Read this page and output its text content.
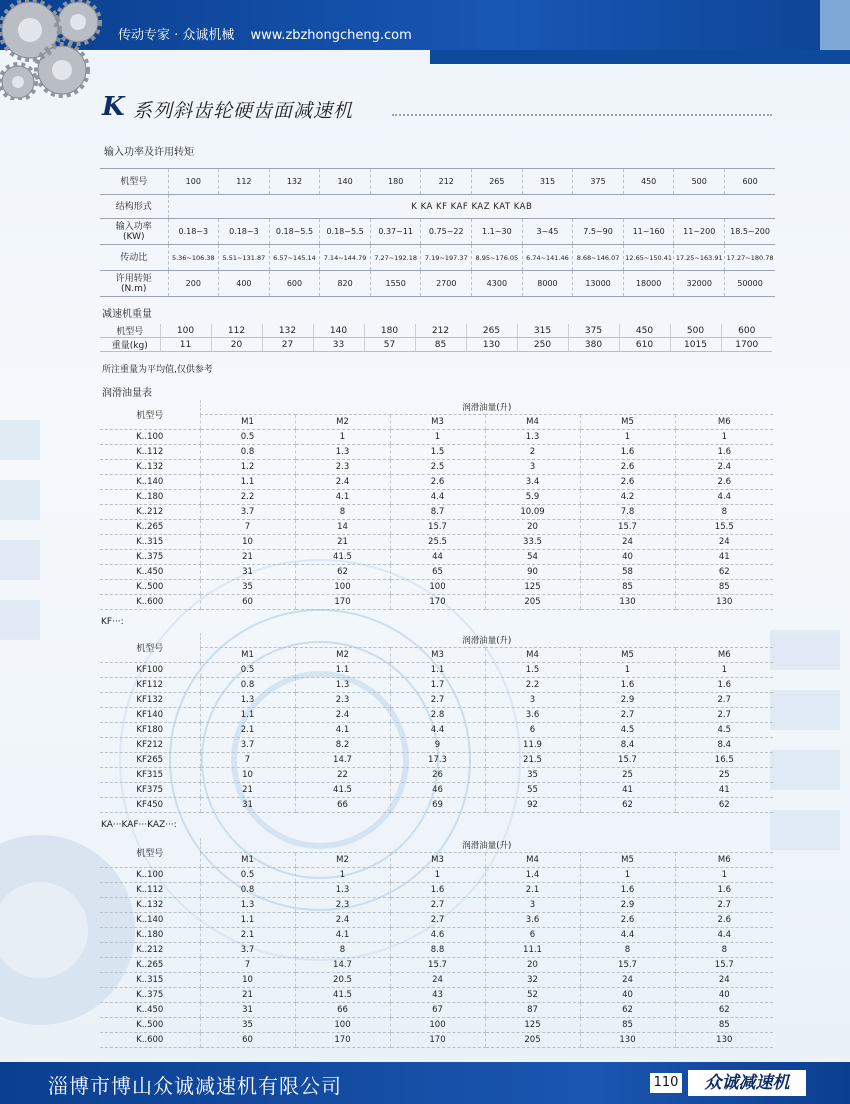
传动专家 · 众诚机械 www.zbzhongcheng.com
K 系列斜齿轮硬齿面减速机
输入功率及许用转矩
机型号	100	112	132	140	180	212	265	315	375	450	500	600
结构形式	K KA KF KAF KAZ KAT KAB											
输入功率
(KW)	0.18~3	0.18~3	0.18~5.5	0.18~5.5	0.37~11	0.75~22	1.1~30	3~45	7.5~90	11~160	11~200	18.5~200
传动比	5.36~106.38	5.51~131.87	6.57~145.14	7.14~144.79	7.27~192.18	7.19~197.37	8.95~176.05	6.74~141.46	8.68~146.07	12.65~150.41	17.25~163.91	17.27~180.78
许用转矩
(N.m)	200	400	600	820	1550	2700	4300	8000	13000	18000	32000	50000
减速机重量
机型号	100	112	132	140	180	212	265	315	375	450	500	600
重量(kg)	11	20	27	33	57	85	130	250	380	610	1015	1700
所注重量为平均值,仅供参考
润滑油量表
机型号	润滑油量(升)					
	M1	M2	M3	M4	M5	M6
K..100	0.5	1	1	1.3	1	1
K..112	0.8	1.3	1.5	2	1.6	1.6
K..132	1.2	2.3	2.5	3	2.6	2.4
K..140	1.1	2.4	2.6	3.4	2.6	2.6
K..180	2.2	4.1	4.4	5.9	4.2	4.4
K..212	3.7	8	8.7	10.09	7.8	8
K..265	7	14	15.7	20	15.7	15.5
K..315	10	21	25.5	33.5	24	24
K..375	21	41.5	44	54	40	41
K..450	31	62	65	90	58	62
K..500	35	100	100	125	85	85
K..600	60	170	170	205	130	130
KF···:
机型号	润滑油量(升)					
	M1	M2	M3	M4	M5	M6
KF100	0.5	1.1	1.1	1.5	1	1
KF112	0.8	1.3	1.7	2.2	1.6	1.6
KF132	1.3	2.3	2.7	3	2.9	2.7
KF140	1.1	2.4	2.8	3.6	2.7	2.7
KF180	2.1	4.1	4.4	6	4.5	4.5
KF212	3.7	8.2	9	11.9	8.4	8.4
KF265	7	14.7	17.3	21.5	15.7	16.5
KF315	10	22	26	35	25	25
KF375	21	41.5	46	55	41	41
KF450	31	66	69	92	62	62
KA···KAF···KAZ···:
机型号	润滑油量(升)					
	M1	M2	M3	M4	M5	M6
K..100	0.5	1	1	1.4	1	1
K..112	0.8	1.3	1.6	2.1	1.6	1.6
K..132	1.3	2.3	2.7	3	2.9	2.7
K..140	1.1	2.4	2.7	3.6	2.6	2.6
K..180	2.1	4.1	4.6	6	4.4	4.4
K..212	3.7	8	8.8	11.1	8	8
K..265	7	14.7	15.7	20	15.7	15.7
K..315	10	20.5	24	32	24	24
K..375	21	41.5	43	52	40	40
K..450	31	66	67	87	62	62
K..500	35	100	100	125	85	85
K..600	60	170	170	205	130	130
淄博市博山众诚减速机有限公司	110	众诚减速机
